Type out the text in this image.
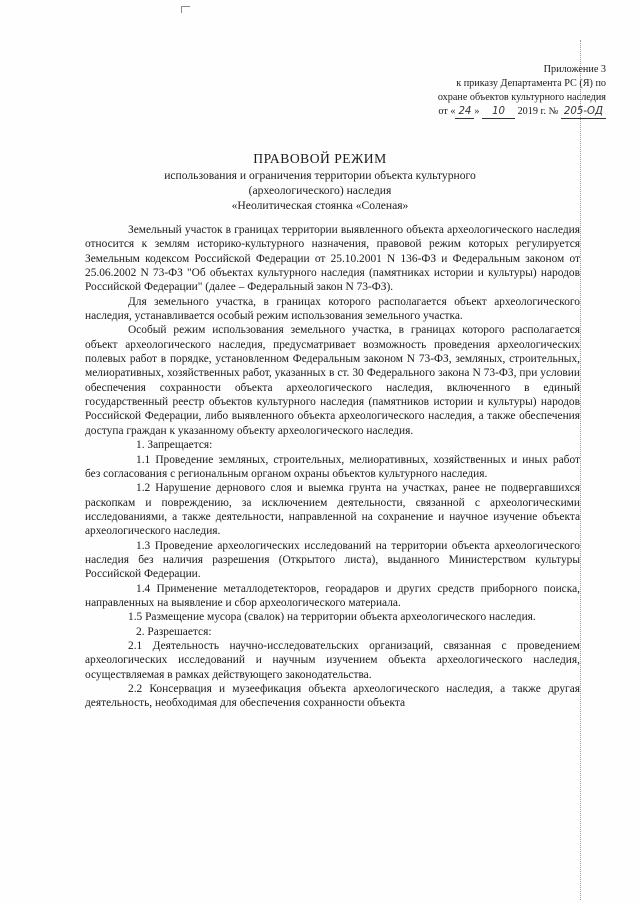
Приложение 3
к приказу Департамента РС (Я) по
охране объектов культурного наследия
от « 24 » 10 2019 г. № 205-ОД
ПРАВОВОЙ РЕЖИМ
использования и ограничения территории объекта культурного
(археологического) наследия
«Неолитическая стоянка «Соленая»

Земельный участок в границах территории выявленного объекта археологического наследия относится к землям историко-культурного назначения, правовой режим которых регулируется Земельным кодексом Российской Федерации от 25.10.2001 N 136-ФЗ и Федеральным законом от 25.06.2002 N 73-ФЗ "Об объектах культурного наследия (памятниках истории и культуры) народов Российской Федерации" (далее – Федеральный закон N 73-ФЗ).

Для земельного участка, в границах которого располагается объект археологического наследия, устанавливается особый режим использования земельного участка.

Особый режим использования земельного участка, в границах которого располагается объект археологического наследия, предусматривает возможность проведения археологических полевых работ в порядке, установленном Федеральным законом N 73-ФЗ, земляных, строительных, мелиоративных, хозяйственных работ, указанных в ст. 30 Федерального закона N 73-ФЗ, при условии обеспечения сохранности объекта археологического наследия, включенного в единый государственный реестр объектов культурного наследия (памятников истории и культуры) народов Российской Федерации, либо выявленного объекта археологического наследия, а также обеспечения доступа граждан к указанному объекту археологического наследия.

1. Запрещается:

1.1 Проведение земляных, строительных, мелиоративных, хозяйственных и иных работ без согласования с региональным органом охраны объектов культурного наследия.

1.2 Нарушение дернового слоя и выемка грунта на участках, ранее не подвергавшихся раскопкам и повреждению, за исключением деятельности, связанной с археологическими исследованиями, а также деятельности, направленной на сохранение и научное изучение объекта археологического наследия.

1.3 Проведение археологических исследований на территории объекта археологического наследия без наличия разрешения (Открытого листа), выданного Министерством культуры Российской Федерации.

1.4 Применение металлодетекторов, георадаров и других средств приборного поиска, направленных на выявление и сбор археологического материала.

1.5 Размещение мусора (свалок) на территории объекта археологического наследия.

2. Разрешается:

2.1 Деятельность научно-исследовательских организаций, связанная с проведением археологических исследований и научным изучением объекта археологического наследия, осуществляемая в рамках действующего законодательства.

2.2 Консервация и музеефикация объекта археологического наследия, а также другая деятельность, необходимая для обеспечения сохранности объекта
